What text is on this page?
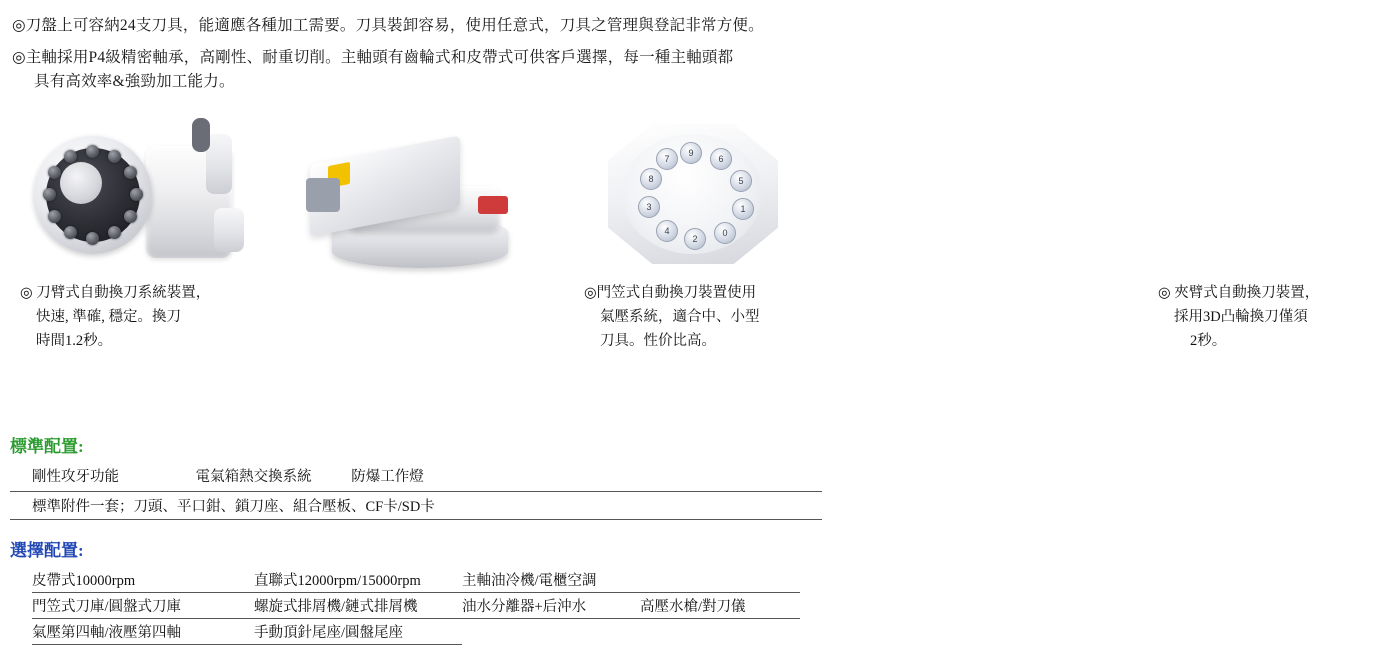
◎刀盤上可容納24支刀具，能適應各種加工需要。刀具裝卸容易，使用任意式，刀具之管理與登記非常方便。
◎主軸採用P4級精密軸承，高剛性、耐重切削。主軸頭有齒輪式和皮帶式可供客戶選擇，每一種主軸頭都
具有高效率&強勁加工能力。
◎ 刀臂式自動換刀系統裝置，
快速, 準確, 穩定。換刀
時間1.2秒。
◎門笠式自動換刀裝置使用
氣壓系統，適合中、小型
刀具。性价比高。
9
6
5
1
0
2
4
3
8
7
◎ 夾臂式自動換刀裝置，
採用3D凸輪換刀僅須
2秒。
標準配置:
剛性攻牙功能	電氣箱熱交換系統	防爆工作燈
標準附件一套；刀頭、平口鉗、鎖刀座、組合壓板、CF卡/SD卡
選擇配置:
皮帶式10000rpm	直聯式12000rpm/15000rpm	主軸油冷機/電櫃空調	
門笠式刀庫/圓盤式刀庫	螺旋式排屑機/鏈式排屑機	油水分離器+后沖水	高壓水槍/對刀儀
氣壓第四軸/液壓第四軸	手動頂針尾座/圓盤尾座		
